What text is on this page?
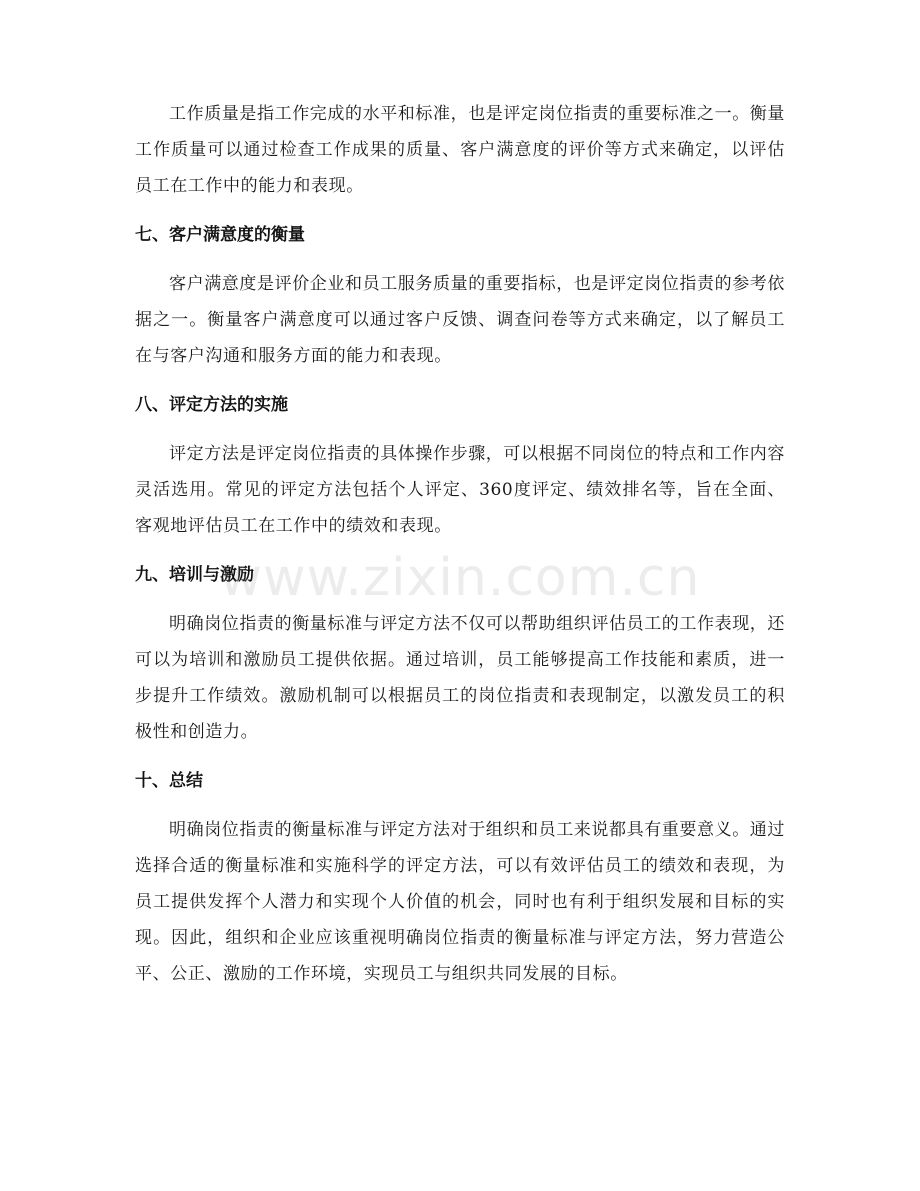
工作质量是指工作完成的水平和标准，也是评定岗位指责的重要标准之一。衡量工作质量可以通过检查工作成果的质量、客户满意度的评价等方式来确定，以评估员工在工作中的能力和表现。

七、客户满意度的衡量

客户满意度是评价企业和员工服务质量的重要指标，也是评定岗位指责的参考依据之一。衡量客户满意度可以通过客户反馈、调查问卷等方式来确定，以了解员工在与客户沟通和服务方面的能力和表现。

八、评定方法的实施

评定方法是评定岗位指责的具体操作步骤，可以根据不同岗位的特点和工作内容灵活选用。常见的评定方法包括个人评定、360度评定、绩效排名等，旨在全面、客观地评估员工在工作中的绩效和表现。

九、培训与激励

明确岗位指责的衡量标准与评定方法不仅可以帮助组织评估员工的工作表现，还可以为培训和激励员工提供依据。通过培训，员工能够提高工作技能和素质，进一步提升工作绩效。激励机制可以根据员工的岗位指责和表现制定，以激发员工的积极性和创造力。

十、总结

明确岗位指责的衡量标准与评定方法对于组织和员工来说都具有重要意义。通过选择合适的衡量标准和实施科学的评定方法，可以有效评估员工的绩效和表现，为员工提供发挥个人潜力和实现个人价值的机会，同时也有利于组织发展和目标的实现。因此，组织和企业应该重视明确岗位指责的衡量标准与评定方法，努力营造公平、公正、激励的工作环境，实现员工与组织共同发展的目标。

www.zixin.com.cn
